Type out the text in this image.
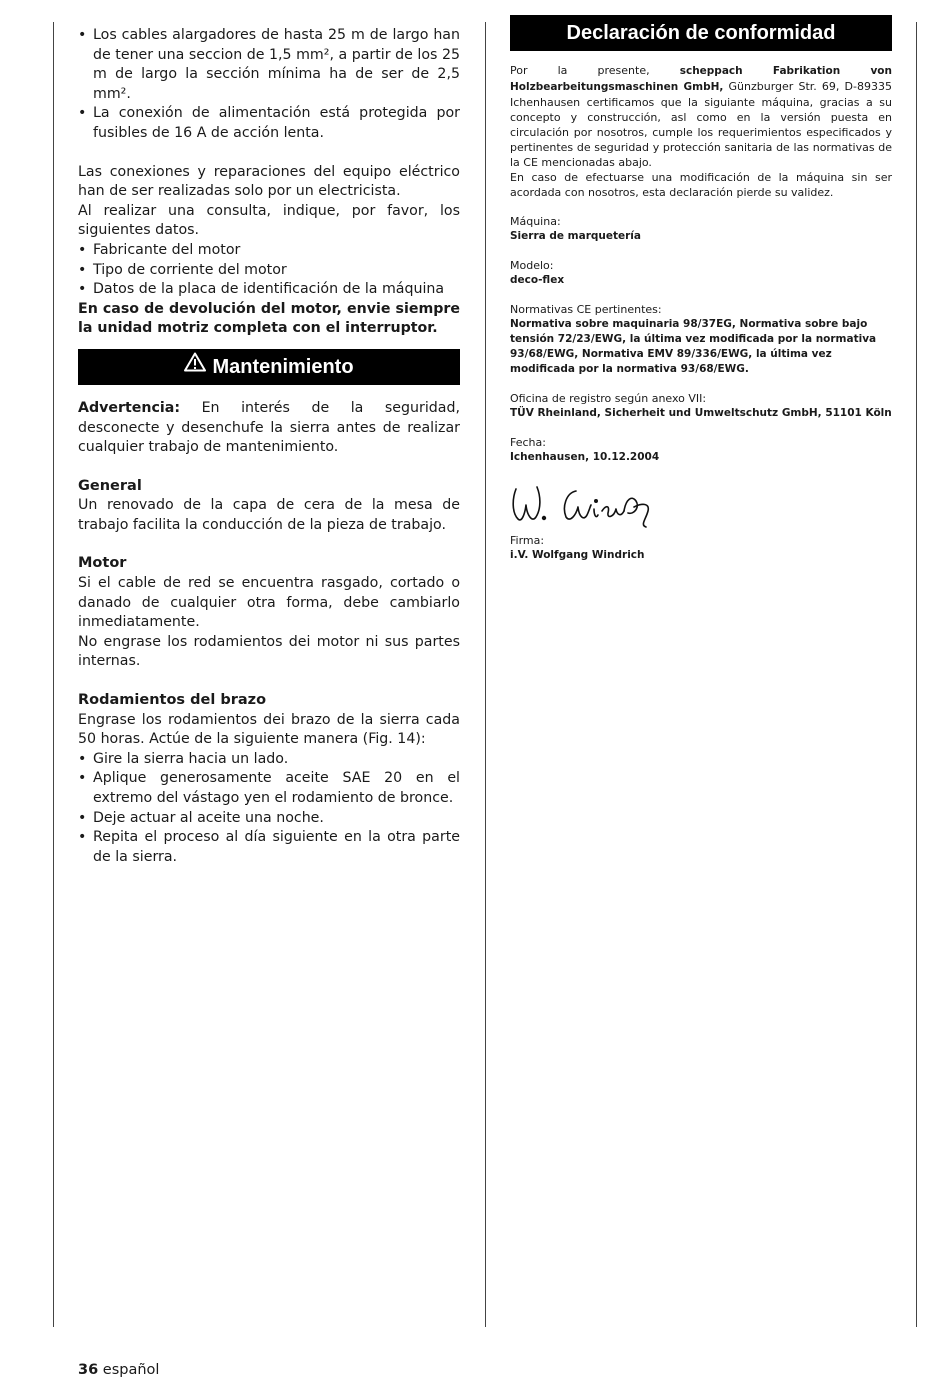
• Los cables alargadores de hasta 25 m de largo han de tener una seccion de 1,5 mm², a partir de los 25 m de largo la sección mínima ha de ser de 2,5 mm².
• La conexión de alimentación está protegida por fusibles de 16 A de acción lenta.

Las conexiones y reparaciones del equipo eléctrico han de ser realizadas solo por un electricista.

Al realizar una consulta, indique, por favor, los siguientes datos.

• Fabricante del motor
• Tipo de corriente del motor
• Datos de la placa de identificación de la máquina

En caso de devolución del motor, envie siempre la unidad motriz completa con el interruptor.

Mantenimiento

Advertencia: En interés de la seguridad, desconecte y desenchufe la sierra antes de realizar cualquier trabajo de mantenimiento.

General

Un renovado de la capa de cera de la mesa de trabajo facilita la conducción de la pieza de trabajo.

Motor

Si el cable de red se encuentra rasgado, cortado o danado de cualquier otra forma, debe cambiarlo inmediatamente.

No engrase los rodamientos dei motor ni sus partes internas.

Rodamientos del brazo

Engrase los rodamientos dei brazo de la sierra cada 50 horas. Actúe de la siguiente manera (Fig. 14):

• Gire la sierra hacia un lado.
• Aplique generosamente aceite SAE 20 en el extremo del vástago yen el rodamiento de bronce.
• Deje actuar al aceite una noche.
• Repita el proceso al día siguiente en la otra parte de la sierra.
Declaración de conformidad

Por la presente, scheppach Fabrikation von Holzbearbeitungsmaschinen GmbH, Günzburger Str. 69, D-89335 Ichenhausen certificamos que la siguiante máquina, gracias a su concepto y construcción, asl como en la versión puesta en circulación por nosotros, cumple los requerimientos especificados y pertinentes de seguridad y protección sanitaria de las normativas de la CE mencionadas abajo.

En caso de efectuarse una modificación de la máquina sin ser acordada con nosotros, esta declaración pierde su validez.

Máquina:
Sierra de marquetería
Modelo:
deco-flex
Normativas CE pertinentes:
Normativa sobre maquinaria 98/37EG, Normativa sobre bajo tensión 72/23/EWG, la última vez modificada por la normativa 93/68/EWG, Normativa EMV 89/336/EWG, la última vez modificada por la normativa 93/68/EWG.
Oficina de registro según anexo VII:
TÜV Rheinland, Sicherheit und Umweltschutz GmbH, 51101 Köln
Fecha:
Ichenhausen, 10.12.2004
Firma:
i.V. Wolfgang Windrich
36 español
